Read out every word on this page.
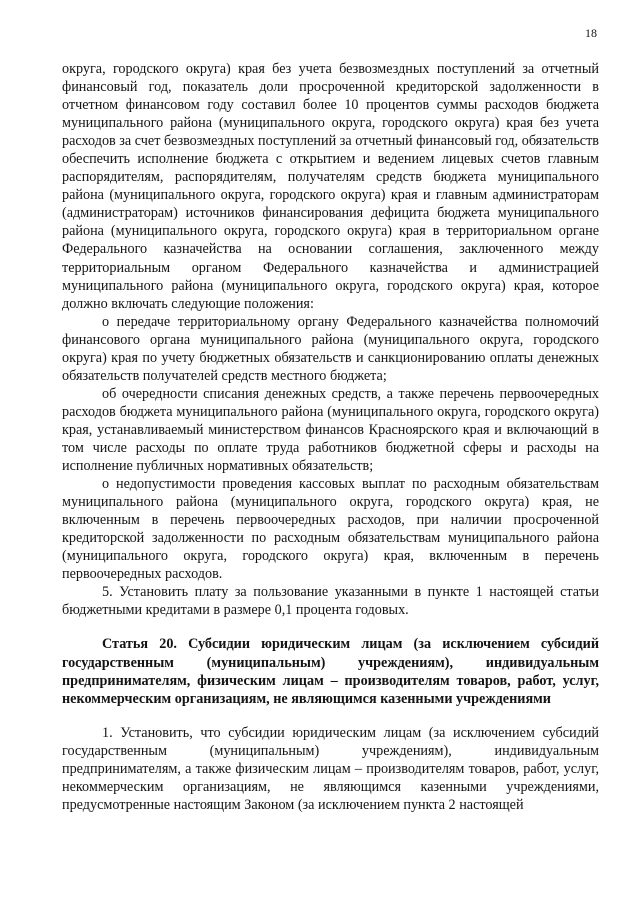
18

округа, городского округа) края без учета безвозмездных поступлений за отчетный финансовый год, показатель доли просроченной кредиторской задолженности в отчетном финансовом году составил более 10 процентов суммы расходов бюджета муниципального района (муниципального округа, городского округа) края без учета расходов за счет безвозмездных поступлений за отчетный финансовый год, обязательств обеспечить исполнение бюджета с открытием и ведением лицевых счетов главным распорядителям, распорядителям, получателям средств бюджета муниципального района (муниципального округа, городского округа) края и главным администраторам (администраторам) источников финансирования дефицита бюджета муниципального района (муниципального округа, городского округа) края в территориальном органе Федерального казначейства на основании соглашения, заключенного между территориальным органом Федерального казначейства и администрацией муниципального района (муниципального округа, городского округа) края, которое должно включать следующие положения:

о передаче территориальному органу Федерального казначейства полномочий финансового органа муниципального района (муниципального округа, городского округа) края по учету бюджетных обязательств и санкционированию оплаты денежных обязательств получателей средств местного бюджета;

об очередности списания денежных средств, а также перечень первоочередных расходов бюджета муниципального района (муниципального округа, городского округа) края, устанавливаемый министерством финансов Красноярского края и включающий в том числе расходы по оплате труда работников бюджетной сферы и расходы на исполнение публичных нормативных обязательств;

о недопустимости проведения кассовых выплат по расходным обязательствам муниципального района (муниципального округа, городского округа) края, не включенным в перечень первоочередных расходов, при наличии просроченной кредиторской задолженности по расходным обязательствам муниципального района (муниципального округа, городского округа) края, включенным в перечень первоочередных расходов.

5. Установить плату за пользование указанными в пункте 1 настоящей статьи бюджетными кредитами в размере 0,1 процента годовых.

Статья 20. Субсидии юридическим лицам (за исключением субсидий государственным (муниципальным) учреждениям), индивидуальным предпринимателям, физическим лицам – производителям товаров, работ, услуг, некоммерческим организациям, не являющимся казенными учреждениями

1. Установить, что субсидии юридическим лицам (за исключением субсидий государственным (муниципальным) учреждениям), индивидуальным предпринимателям, а также физическим лицам – производителям товаров, работ, услуг, некоммерческим организациям, не являющимся казенными учреждениями, предусмотренные настоящим Законом (за исключением пункта 2 настоящей
